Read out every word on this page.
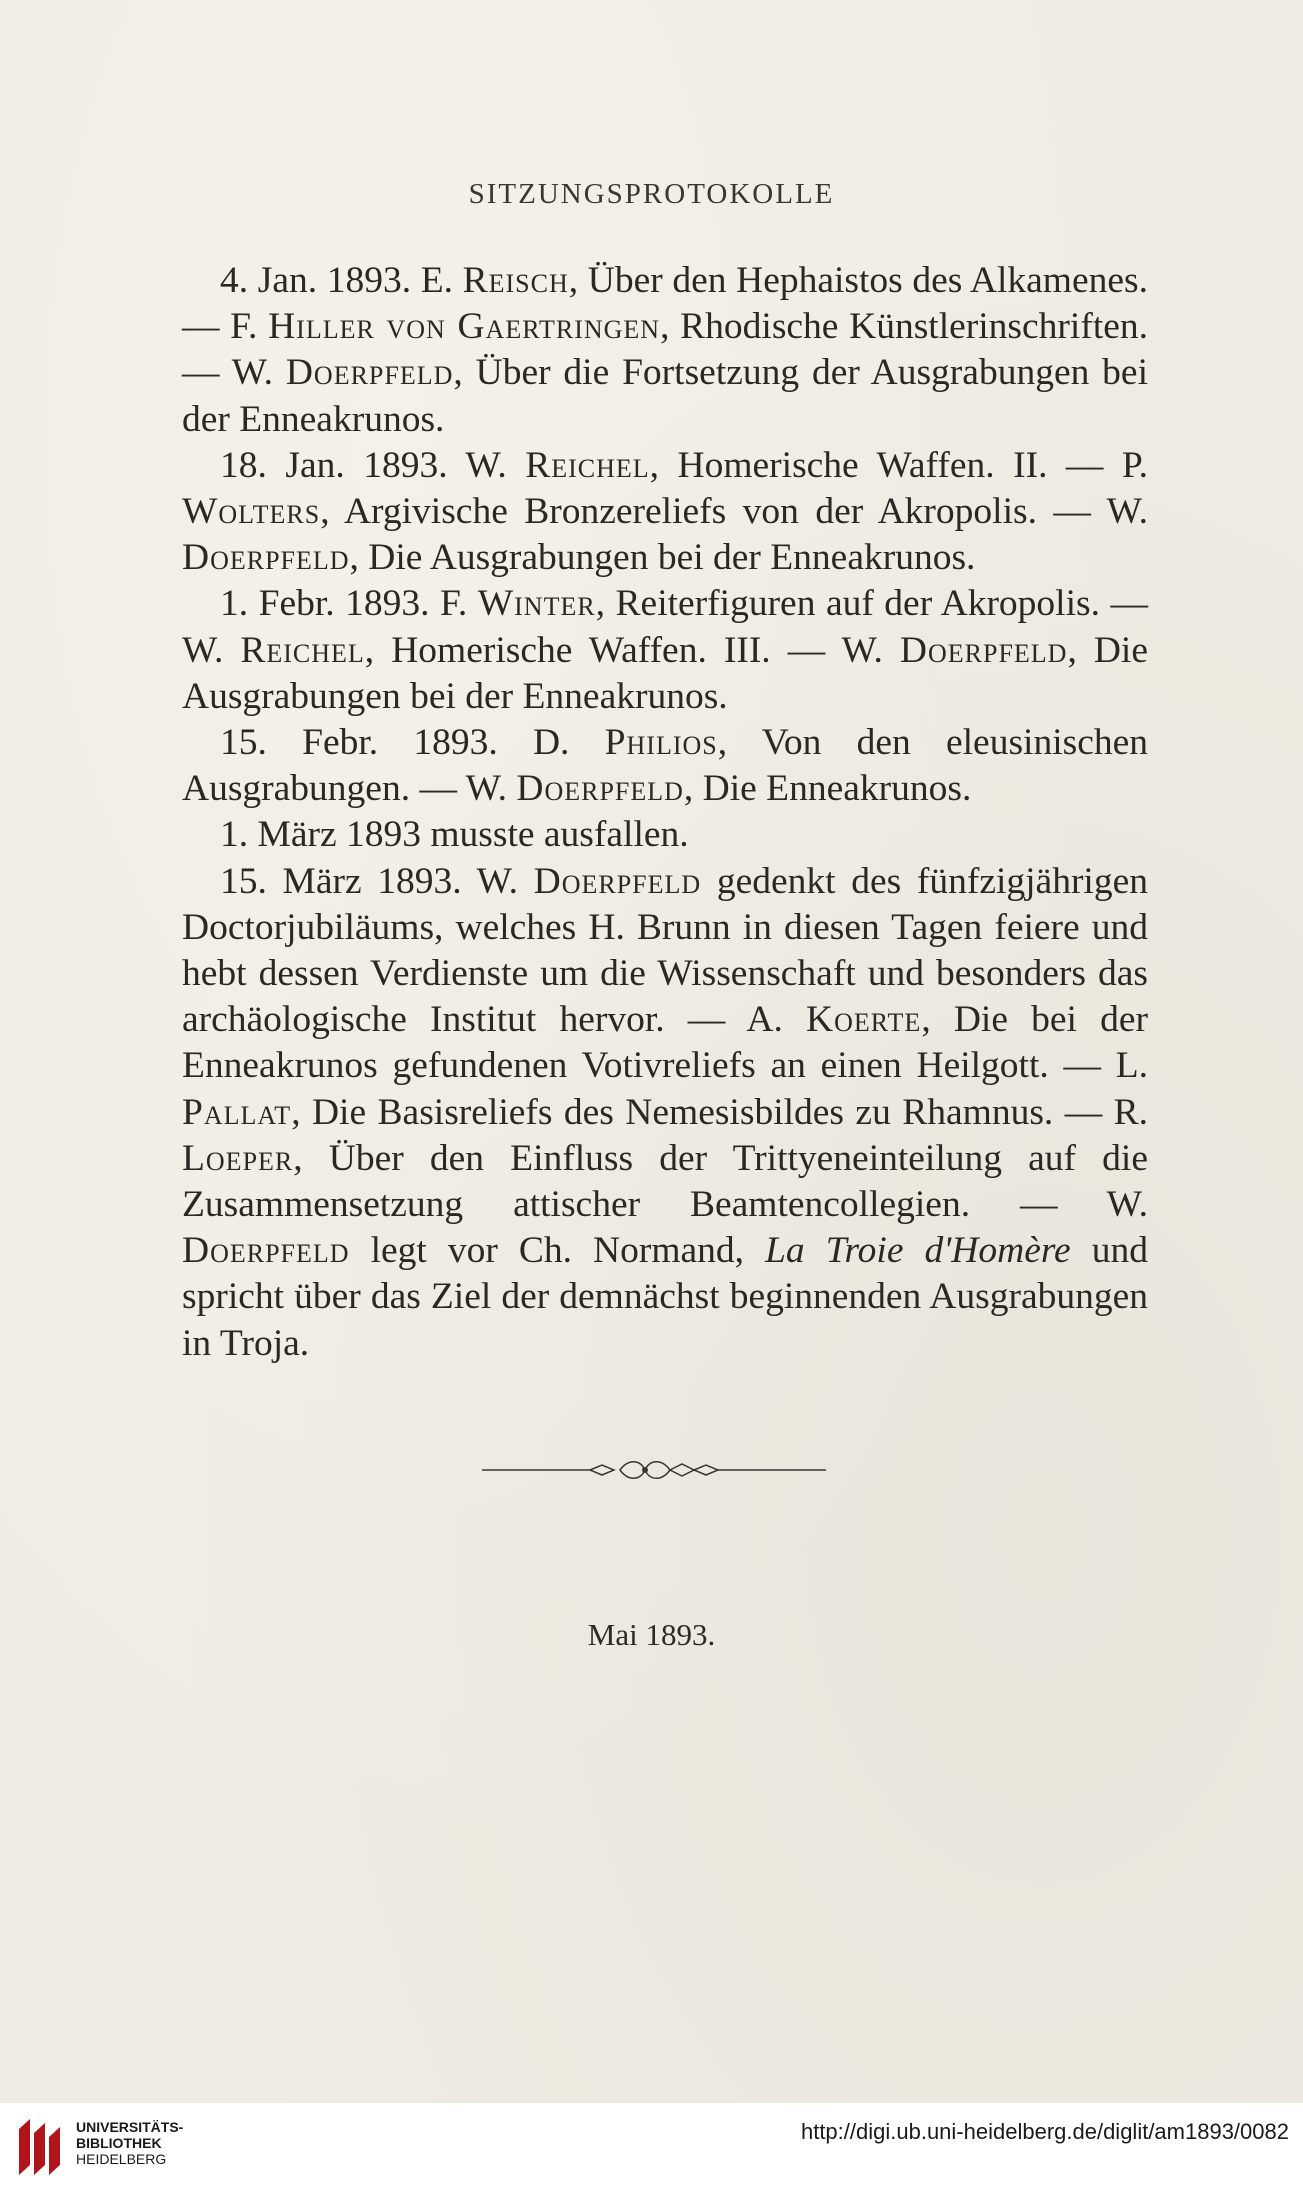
SITZUNGSPROTOKOLLE

4. Jan. 1893. E. Reisch, Über den Hephaistos des Alkamenes. — F. Hiller von Gaertringen, Rhodische Künstlerinschriften. — W. Doerpfeld, Über die Fortsetzung der Ausgrabungen bei der Enneakrunos.

18. Jan. 1893. W. Reichel, Homerische Waffen. II. — P. Wolters, Argivische Bronzereliefs von der Akropolis. — W. Doerpfeld, Die Ausgrabungen bei der Enneakrunos.

1. Febr. 1893. F. Winter, Reiterfiguren auf der Akropolis. — W. Reichel, Homerische Waffen. III. — W. Doerpfeld, Die Ausgrabungen bei der Enneakrunos.

15. Febr. 1893. D. Philios, Von den eleusinischen Ausgrabungen. — W. Doerpfeld, Die Enneakrunos.

1. März 1893 musste ausfallen.

15. März 1893. W. Doerpfeld gedenkt des fünfzigjährigen Doctorjubiläums, welches H. Brunn in diesen Tagen feiere und hebt dessen Verdienste um die Wissenschaft und besonders das archäologische Institut hervor. — A. Koerte, Die bei der Enneakrunos gefundenen Votivreliefs an einen Heilgott. — L. Pallat, Die Basisreliefs des Nemesisbildes zu Rhamnus. — R. Loeper, Über den Einfluss der Trittyeneinteilung auf die Zusammensetzung attischer Beamtencollegien. — W. Doerpfeld legt vor Ch. Normand, La Troie d'Homère und spricht über das Ziel der demnächst beginnenden Ausgrabungen in Troja.

Mai 1893.
UNIVERSITÄTS-
BIBLIOTHEK
HEIDELBERG
http://digi.ub.uni-heidelberg.de/diglit/am1893/0082
